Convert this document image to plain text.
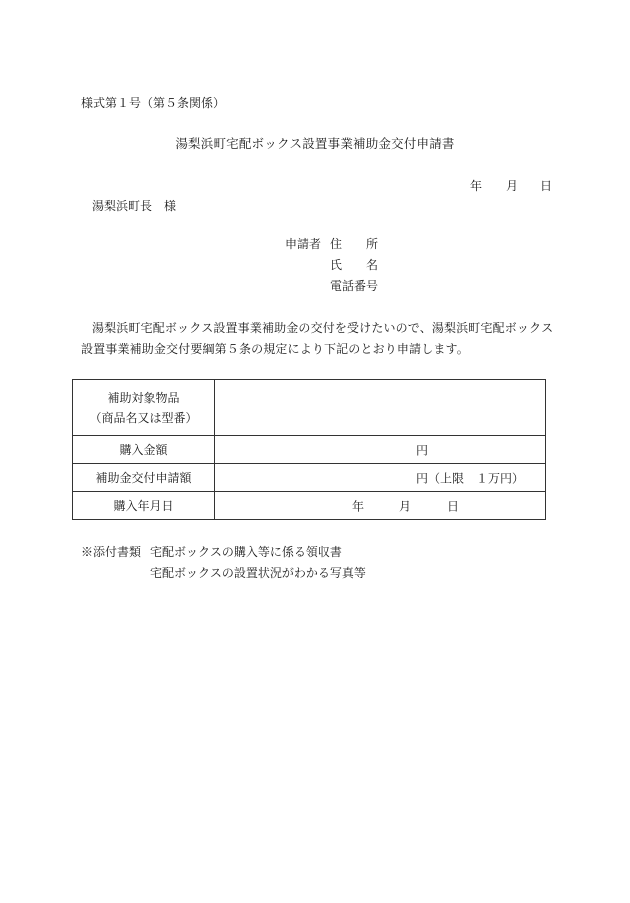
様式第１号（第５条関係）
湯梨浜町宅配ボックス設置事業補助金交付申請書
年 月 日
湯梨浜町長　様
申請者 住　　所
氏　　名
電話番号
湯梨浜町宅配ボックス設置事業補助金の交付を受けたいので、湯梨浜町宅配ボックス設置事業補助金交付要綱第５条の規定により下記のとおり申請します。
補助対象物品
（商品名又は型番）	

購入金額	円

補助金交付申請額	円（上限　１万円）

購入年月日	年 月 日
※添付書類 宅配ボックスの購入等に係る領収書
宅配ボックスの設置状況がわかる写真等
